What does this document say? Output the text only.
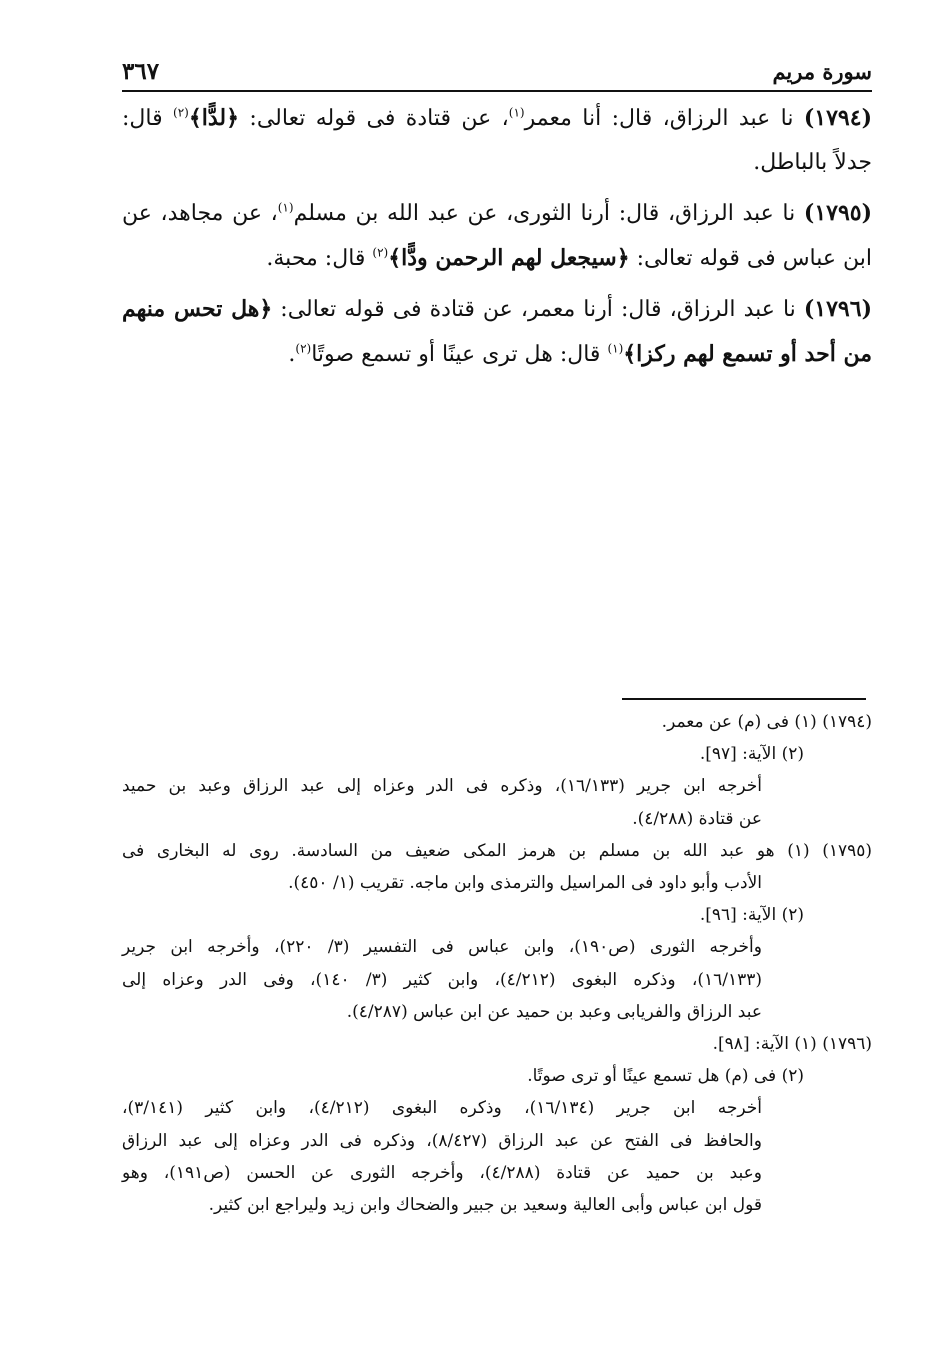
سورة مريم
٣٦٧

(١٧٩٤) نا عبد الرزاق، قال: أنا معمر$^{(١)}$، عن قتادة فى قوله تعالى: ﴿لدًّا﴾$^{(٢)}$ قال: جدلاً بالباطل.

(١٧٩٥) نا عبد الرزاق، قال: أرنا الثورى، عن عبد الله بن مسلم$^{(١)}$، عن مجاهد، عن ابن عباس فى قوله تعالى: ﴿سيجعل لهم الرحمن ودًّا﴾$^{(٢)}$ قال: محبة.

(١٧٩٦) نا عبد الرزاق، قال: أرنا معمر، عن قتادة فى قوله تعالى: ﴿هل تحس منهم من أحد أو تسمع لهم ركزا﴾$^{(١)}$ قال: هل ترى عينًا أو تسمع صوتًا$^{(٢)}$.

(١٧٩٤) (١) فى (م) عن معمر.
(٢) الآية: [٩٧].
أخرجه ابن جرير (١٦/١٣٣)، وذكره فى الدر وعزاه إلى عبد الرزاق وعبد بن حميد
عن قتادة (٤/٢٨٨).
(١٧٩٥) (١) هو عبد الله بن مسلم بن هرمز المكى ضعيف من السادسة. روى له البخارى فى
الأدب وأبو داود فى المراسيل والترمذى وابن ماجه. تقريب (١/ ٤٥٠).
(٢) الآية: [٩٦].
وأخرجه الثورى (ص١٩٠)، وابن عباس فى التفسير (٣/ ٢٢٠)، وأخرجه ابن جرير
(١٦/١٣٣)، وذكره البغوى (٤/٢١٢)، وابن كثير (٣/ ١٤٠)، وفى الدر وعزاه إلى
عبد الرزاق والفريابى وعبد بن حميد عن ابن عباس (٤/٢٨٧).
(١٧٩٦) (١) الآية: [٩٨].
(٢) فى (م) هل تسمع عينًا أو ترى صوتًا.
أخرجه ابن جرير (١٦/١٣٤)، وذكره البغوى (٤/٢١٢)، وابن كثير (٣/١٤١)،
والحافظ فى الفتح عن عبد الرزاق (٨/٤٢٧)، وذكره فى الدر وعزاه إلى عبد الرزاق
وعبد بن حميد عن قتادة (٤/٢٨٨)، وأخرجه الثورى عن الحسن (ص١٩١)، وهو
قول ابن عباس وأبى العالية وسعيد بن جبير والضحاك وابن زيد وليراجع ابن كثير.
